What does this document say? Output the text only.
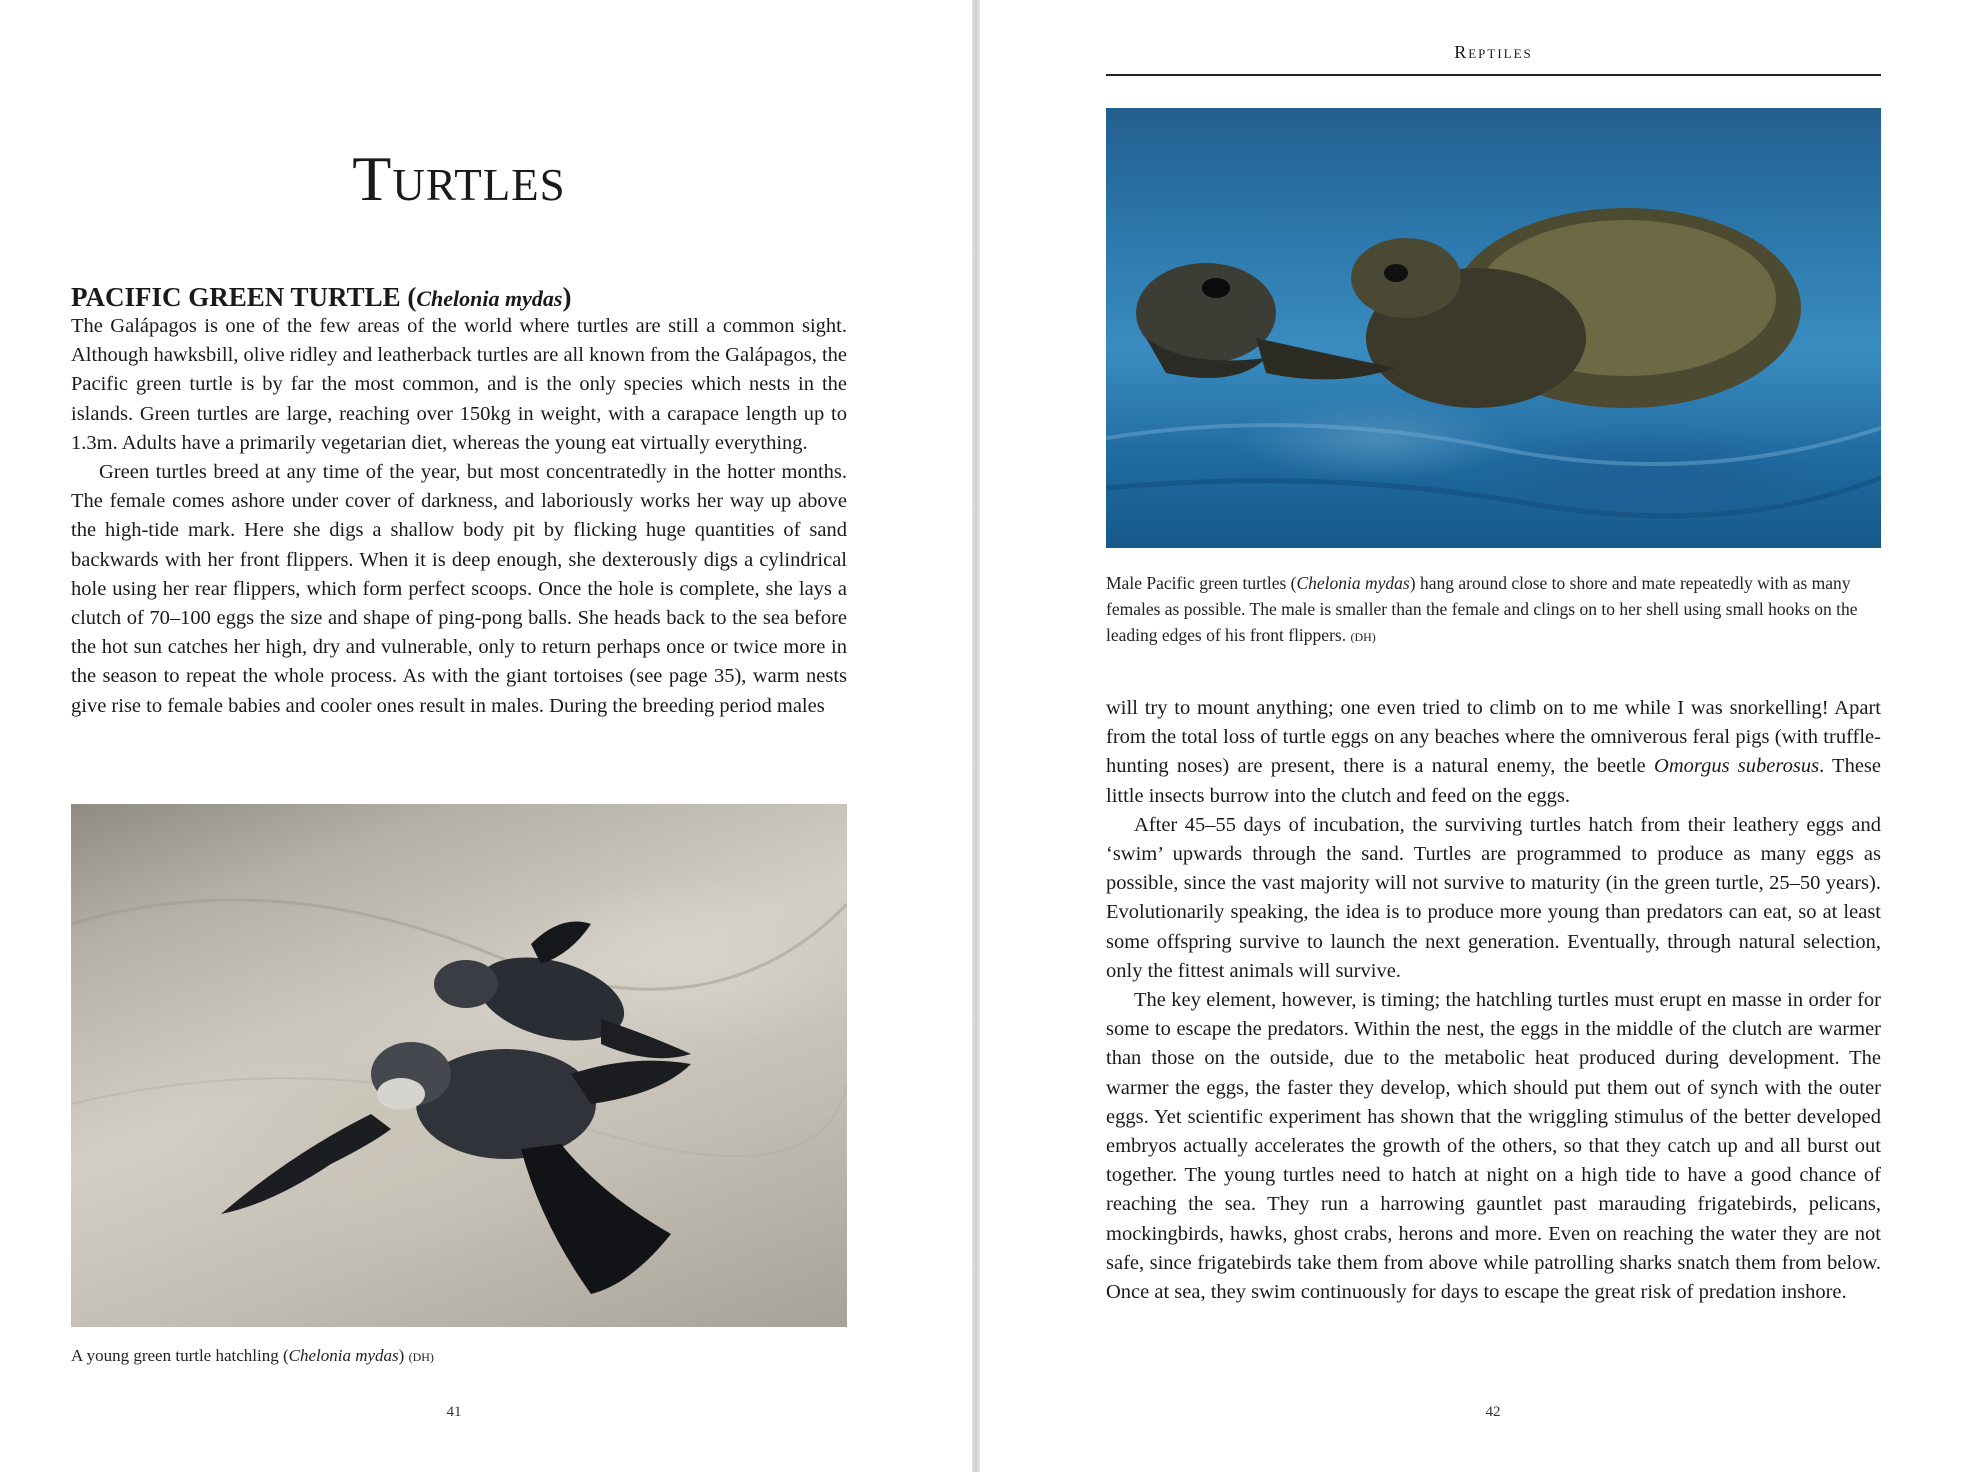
Turtles
PACIFIC GREEN TURTLE (Chelonia mydas)

The Galápagos is one of the few areas of the world where turtles are still a common sight. Although hawksbill, olive ridley and leatherback turtles are all known from the Galápagos, the Pacific green turtle is by far the most common, and is the only species which nests in the islands. Green turtles are large, reaching over 150kg in weight, with a carapace length up to 1.3m. Adults have a primarily vegetarian diet, whereas the young eat virtually everything.

Green turtles breed at any time of the year, but most concentratedly in the hotter months. The female comes ashore under cover of darkness, and laboriously works her way up above the high-tide mark. Here she digs a shallow body pit by flicking huge quantities of sand backwards with her front flippers. When it is deep enough, she dexterously digs a cylindrical hole using her rear flippers, which form perfect scoops. Once the hole is complete, she lays a clutch of 70–100 eggs the size and shape of ping-pong balls. She heads back to the sea before the hot sun catches her high, dry and vulnerable, only to return perhaps once or twice more in the season to repeat the whole process. As with the giant tortoises (see page 35), warm nests give rise to female babies and cooler ones result in males. During the breeding period males

A young green turtle hatchling (Chelonia mydas) (DH)

41

Reptiles

Male Pacific green turtles (Chelonia mydas) hang around close to shore and mate repeatedly with as many females as possible. The male is smaller than the female and clings on to her shell using small hooks on the leading edges of his front flippers. (DH)

will try to mount anything; one even tried to climb on to me while I was snorkelling! Apart from the total loss of turtle eggs on any beaches where the omniverous feral pigs (with truffle-hunting noses) are present, there is a natural enemy, the beetle Omorgus suberosus. These little insects burrow into the clutch and feed on the eggs.

After 45–55 days of incubation, the surviving turtles hatch from their leathery eggs and ‘swim’ upwards through the sand. Turtles are programmed to produce as many eggs as possible, since the vast majority will not survive to maturity (in the green turtle, 25–50 years). Evolutionarily speaking, the idea is to produce more young than predators can eat, so at least some offspring survive to launch the next generation. Eventually, through natural selection, only the fittest animals will survive.

The key element, however, is timing; the hatchling turtles must erupt en masse in order for some to escape the predators. Within the nest, the eggs in the middle of the clutch are warmer than those on the outside, due to the metabolic heat produced during development. The warmer the eggs, the faster they develop, which should put them out of synch with the outer eggs. Yet scientific experiment has shown that the wriggling stimulus of the better developed embryos actually accelerates the growth of the others, so that they catch up and all burst out together. The young turtles need to hatch at night on a high tide to have a good chance of reaching the sea. They run a harrowing gauntlet past marauding frigatebirds, pelicans, mockingbirds, hawks, ghost crabs, herons and more. Even on reaching the water they are not safe, since frigatebirds take them from above while patrolling sharks snatch them from below. Once at sea, they swim continuously for days to escape the great risk of predation inshore.

42
